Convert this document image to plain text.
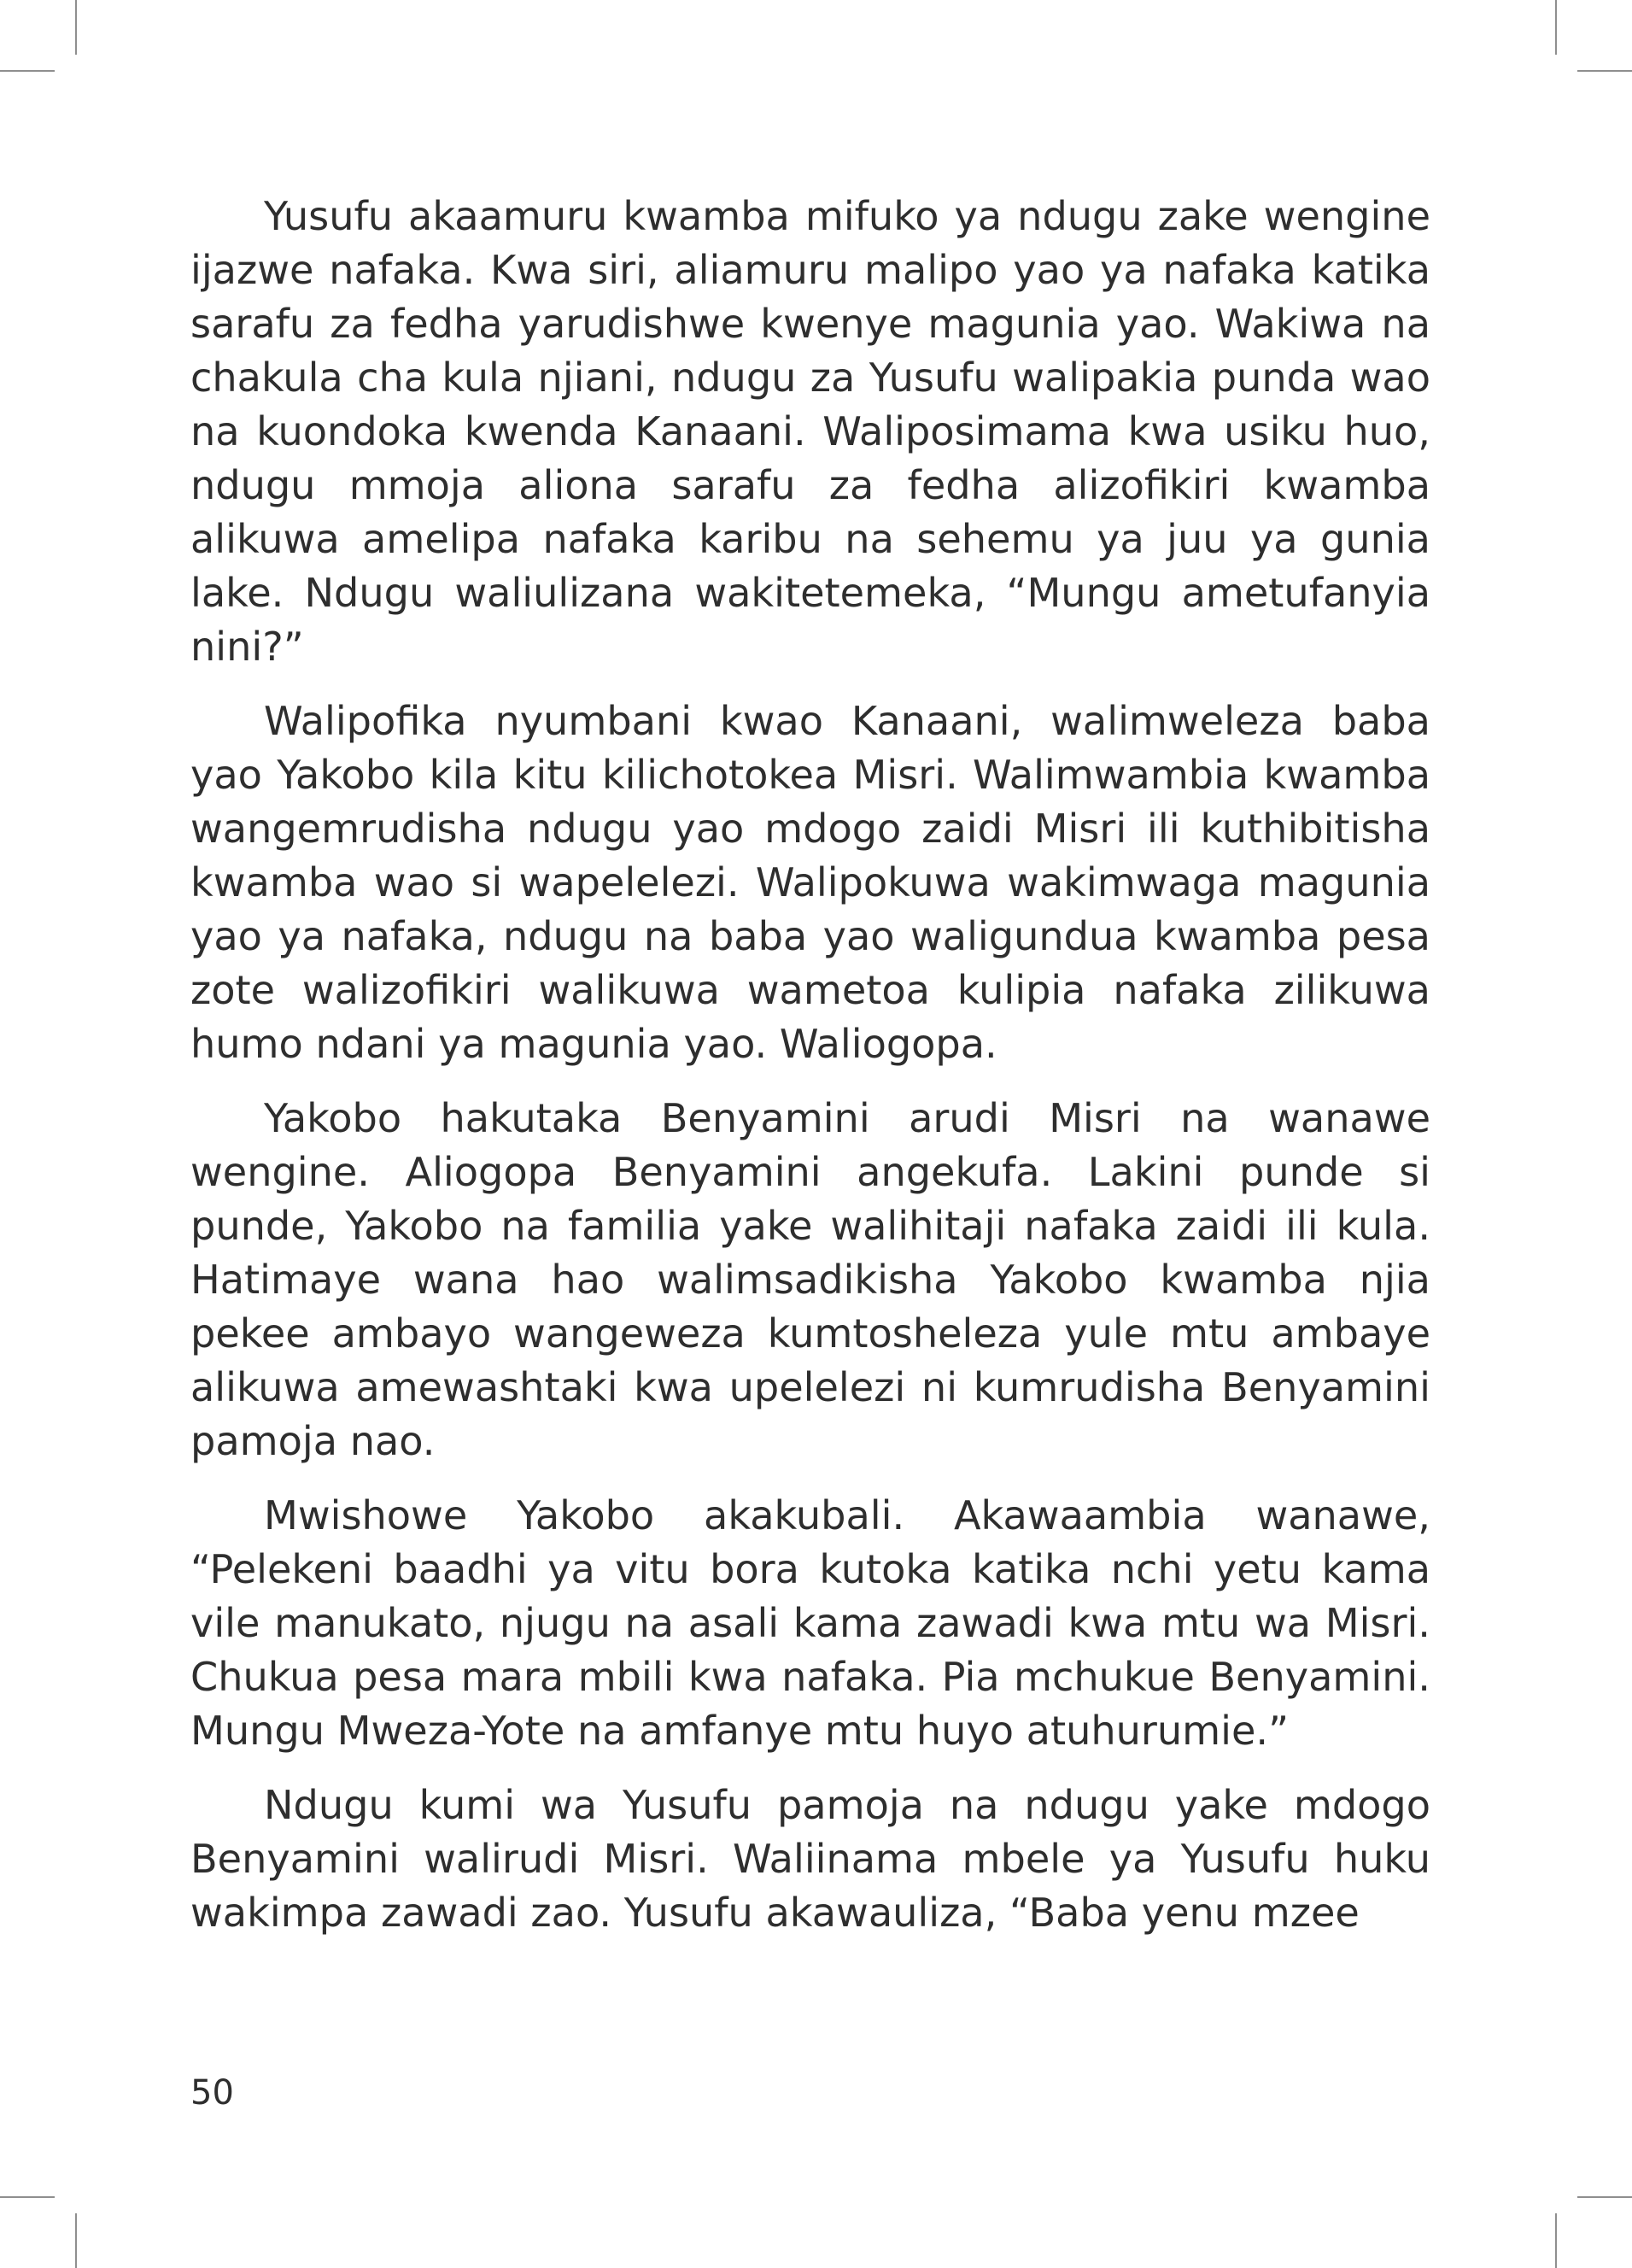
Yusufu akaamuru kwamba mifuko ya ndugu zake wengine ijazwe nafaka. Kwa siri, aliamuru malipo yao ya nafaka katika sarafu za fedha yarudishwe kwenye magunia yao. Wakiwa na chakula cha kula njiani, ndugu za Yusufu walipakia punda wao na kuondoka kwenda Kanaani. Waliposimama kwa usiku huo, ndugu mmoja aliona sarafu za fedha alizofikiri kwamba alikuwa amelipa nafaka karibu na sehemu ya juu ya gunia lake. Ndugu waliulizana wakitetemeka, “Mungu ametufanyia nini?”

Walipofika nyumbani kwao Kanaani, walimweleza baba yao Yakobo kila kitu kilichotokea Misri. Walimwambia kwamba wangemrudisha ndugu yao mdogo zaidi Misri ili kuthibitisha kwamba wao si wapelelezi. Walipokuwa wakimwaga magunia yao ya nafaka, ndugu na baba yao waligundua kwamba pesa zote walizofikiri walikuwa wametoa kulipia nafaka zilikuwa humo ndani ya magunia yao. Waliogopa.

Yakobo hakutaka Benyamini arudi Misri na wanawe wengine. Aliogopa Benyamini angekufa. Lakini punde si punde, Yakobo na familia yake walihitaji nafaka zaidi ili kula. Hatimaye wana hao walimsadikisha Yakobo kwamba njia pekee ambayo wangeweza kumtosheleza yule mtu ambaye alikuwa amewashtaki kwa upelelezi ni kumrudisha Benyamini pamoja nao.

Mwishowe Yakobo akakubali. Akawaambia wanawe, “Pelekeni baadhi ya vitu bora kutoka katika nchi yetu kama vile manukato, njugu na asali kama zawadi kwa mtu wa Misri. Chukua pesa mara mbili kwa nafaka. Pia mchukue Benyamini. Mungu Mweza-Yote na amfanye mtu huyo atuhurumie.”

Ndugu kumi wa Yusufu pamoja na ndugu yake mdogo Benyamini walirudi Misri. Waliinama mbele ya Yusufu huku wakimpa zawadi zao. Yusufu akawauliza, “Baba yenu mzee

50
